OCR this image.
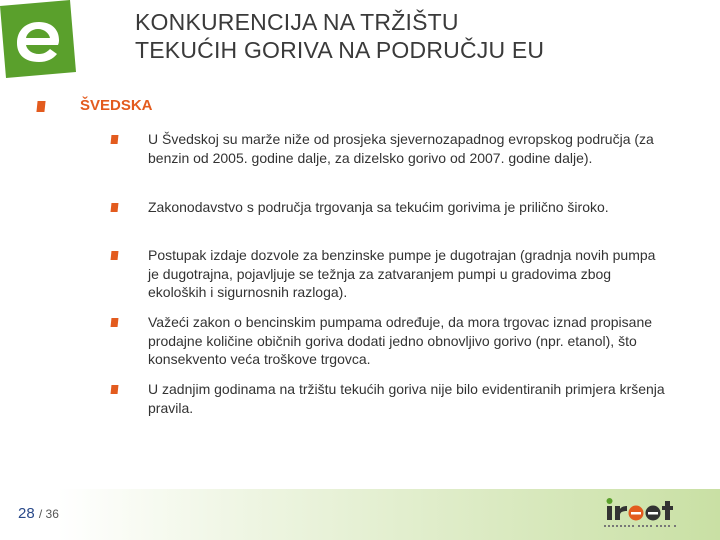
KONKURENCIJA NA TRŽIŠTU
TEKUĆIH GORIVA NA PODRUČJU EU
ŠVEDSKA
U Švedskoj su marže niže od prosjeka sjevernozapadnog evropskog područja (za benzin od 2005. godine dalje, za dizelsko gorivo od 2007. godine dalje).
Zakonodavstvo s područja trgovanja sa tekućim gorivima je prilično široko.
Postupak izdaje dozvole za benzinske pumpe je dugotrajan (gradnja novih pumpa je dugotrajna, pojavljuje se težnja za zatvaranjem pumpi u gradovima zbog ekoloških i sigurnosnih razloga).
Važeći zakon o bencinskim pumpama određuje, da mora trgovac iznad propisane prodajne količine običnih goriva dodati jedno obnovljivo gorivo (npr. etanol), što konsekvento veća troškove trgovca.
U zadnjim godinama na tržištu tekućih goriva nije bilo evidentiranih primjera kršenja pravila.
28 / 36
